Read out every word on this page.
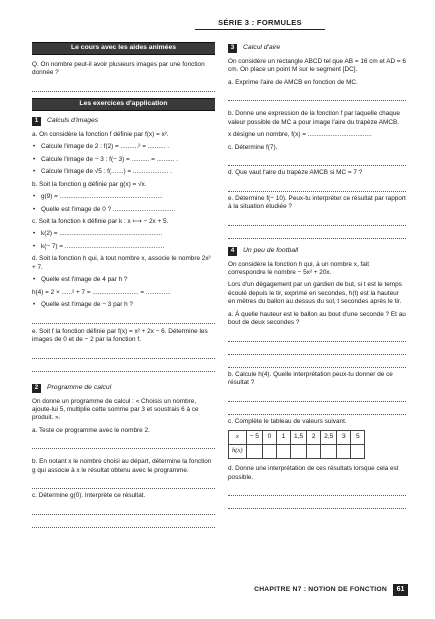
SÉRIE 3 : FORMULES
Le cours avec les aides animées

Q. On nombre peut-il avoir plusieurs images par une fonction donnée ?

Les exercices d'application
1	Calculs d'images

a. On considère la fonction f définie par f(x) = x².

• Calcule l'image de 2 : f(2) = ..........² = .......... .
• Calcule l'image de − 3 : f(− 3) = .......... = .......... .
• Calcule l'image de √5 : f(.......) = .................... .

b. Soit la fonction g définie par g(x) = √x.

• g(9) = ..........................................................
• Quelle est l'image de 0 ? ...................................

c. Soit la fonction k définie par k : x ⟼ − 2x + 5.

• k(2) = ..........................................................
• k(− 7) = ........................................................

d. Soit la fonction h qui, à tout nombre x, associe le nombre 2x² + 7.

• Quelle est l'image de 4 par h ?

h(4) = 2 × ......² + 7 = .......................... = ..............

• Quelle est l'image de − 3 par h ?

e. Soit f la fonction définie par f(x) = x² + 2x − 6. Détermine les images de 0 et de − 2 par la fonction f.

2	Programme de calcul

On donne un programme de calcul : « Choisis un nombre, ajoute-lui 5, multiplie cette somme par 3 et soustrais 6 à ce produit. ».

a. Teste ce programme avec le nombre 2.

b. En notant x le nombre choisi au départ, détermine la fonction g qui associe à x le résultat obtenu avec le programme.

c. Détermine g(0). Interprète ce résultat.

3	Calcul d'aire

On considère un rectangle ABCD tel que AB = 16 cm et AD = 6 cm. On place un point M sur le segment [DC].

a. Exprime l'aire de AMCB en fonction de MC.

b. Donne une expression de la fonction f par laquelle chaque valeur possible de MC a pour image l'aire du trapèze AMCB.

x désigne un nombre, f(x) = ....................................

c. Détermine f(7).

d. Que vaut l'aire du trapèze AMCB si MC = 7 ?

e. Détermine f(− 10). Peux-tu interpréter ce résultat par rapport à la situation étudiée ?

4	Un peu de football

On considère la fonction h qui, à un nombre x, fait correspondre le nombre − 5x² + 20x.

Lors d'un dégagement par un gardien de but, si t est le temps écoulé depuis le tir, exprimé en secondes, h(t) est la hauteur en mètres du ballon au dessus du sol, t secondes après le tir.

a. À quelle hauteur est le ballon au bout d'une seconde ? Et au bout de deux secondes ?

b. Calcule h(4). Quelle interprétation peux-tu donner de ce résultat ?

c. Complète le tableau de valeurs suivant.

x	− 5	0	1	1,5	2	2,5	3	5
h(x)								

d. Donne une interprétation de ces résultats lorsque cela est possible.

CHAPITRE N7 : NOTION DE FONCTION	61
